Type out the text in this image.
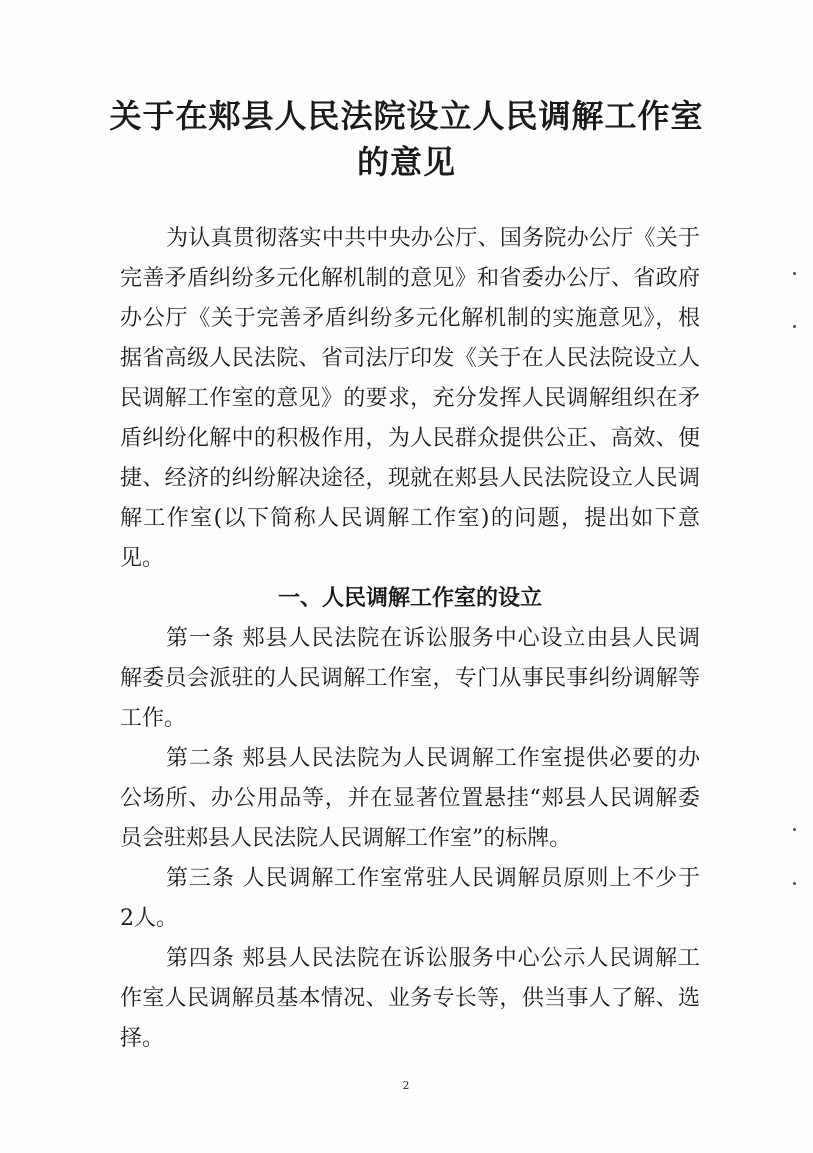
关于在郏县人民法院设立人民调解工作室
的意见
为认真贯彻落实中共中央办公厅、国务院办公厅《关于
完善矛盾纠纷多元化解机制的意见》和省委办公厅、省政府
办公厅《关于完善矛盾纠纷多元化解机制的实施意见》，根
据省高级人民法院、省司法厅印发《关于在人民法院设立人
民调解工作室的意见》的要求，充分发挥人民调解组织在矛
盾纠纷化解中的积极作用，为人民群众提供公正、高效、便
捷、经济的纠纷解决途径，现就在郏县人民法院设立人民调
解工作室(以下简称人民调解工作室)的问题，提出如下意
见。
一、人民调解工作室的设立
第一条 郏县人民法院在诉讼服务中心设立由县人民调
解委员会派驻的人民调解工作室，专门从事民事纠纷调解等
工作。
第二条 郏县人民法院为人民调解工作室提供必要的办
公场所、办公用品等，并在显著位置悬挂“郏县人民调解委
员会驻郏县人民法院人民调解工作室”的标牌。
第三条 人民调解工作室常驻人民调解员原则上不少于
2人。
第四条 郏县人民法院在诉讼服务中心公示人民调解工
作室人民调解员基本情况、业务专长等，供当事人了解、选
择。
2
